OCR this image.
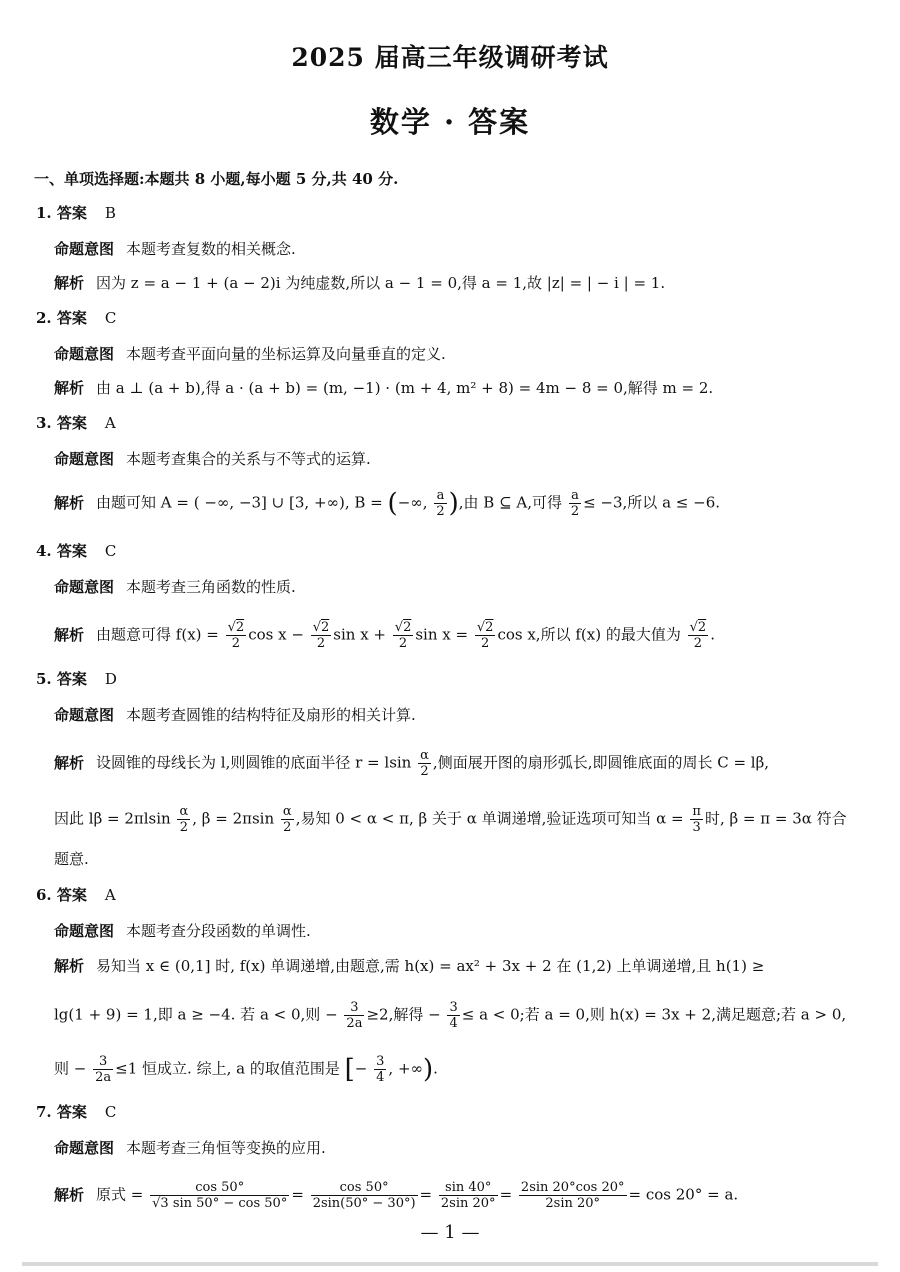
2025 届高三年级调研考试
数学 · 答案
一、单项选择题:本题共 8 小题,每小题 5 分,共 40 分.
1. 答案 B
命题意图 本题考查复数的相关概念.
解析 因为 z = a − 1 + (a − 2)i 为纯虚数,所以 a − 1 = 0,得 a = 1,故 |z| = | − i | = 1.
2. 答案 C
命题意图 本题考查平面向量的坐标运算及向量垂直的定义.
解析 由 a ⊥ (a + b),得 a · (a + b) = (m, −1) · (m + 4, m² + 8) = 4m − 8 = 0,解得 m = 2.
3. 答案 A
命题意图 本题考查集合的关系与不等式的运算.
解析 由题可知 A = ( −∞, −3] ∪ [3, +∞), B = (−∞, $\frac{a}{2}$ ),由 B ⊆ A,可得 $\frac{a}{2} \le -3$,所以 a ≤ −6.
4. 答案 C
命题意图 本题考查三角函数的性质.
解析 由题意可得 $f(x) = \frac{√2}{2}$ $\cos x - \frac{√2}{2}$ $\sin x + \frac{√2}{2}$ $\sin x = \frac{√2}{2}$ cos x,所以 f(x) 的最大值为 $\frac{√2}{2}$ .
5. 答案 D
命题意图 本题考查圆锥的结构特征及扇形的相关计算.
解析 设圆锥的母线长为 l,则圆锥的底面半径 r = lsin $\frac{\alpha}{2}$ ,侧面展开图的扇形弧长,即圆锥底面的周长 C = lβ,
因此 $l\beta = 2\pi lsin \frac{\alpha}{2}$ , $\beta = 2\pi\sin \frac{\alpha}{2}$ ,易知 0 < α < π, β 关于 α 单调递增,验证选项可知当 $\alpha = \frac{\pi}{3}$ 时, β = π = 3α 符合
题意.
6. 答案 A
命题意图 本题考查分段函数的单调性.
解析 易知当 x ∈ (0,1] 时, f(x) 单调递增,由题意,需 h(x) = ax² + 3x + 2 在 (1,2) 上单调递增,且 h(1) ≥
lg(1 + 9) = 1,即 a ≥ −4. 若 a < 0,则 − $\frac{3}{2a} \ge 2$,解得 − $\frac{3}{4} \le a < 0$;若 a = 0,则 h(x) = 3x + 2,满足题意;若 a > 0,
则 − $\frac{3}{2a} \le 1$ 恒成立. 综上, a 的取值范围是 [− $\frac{3}{4}$ , +∞).
7. 答案 C
命题意图 本题考查三角恒等变换的应用.
解析 原式 = $\frac{\cos 50^\circ}{√3 \sin 50^\circ - \cos 50^\circ} = \frac{\cos 50^\circ}{2\sin(50^\circ - 30^\circ)} = \frac{\sin 40^\circ}{2\sin 20^\circ} = \frac{2\sin 20^\circ\cos 20^\circ}{2\sin 20^\circ} = \cos 20^\circ = a$.
— 1 —
